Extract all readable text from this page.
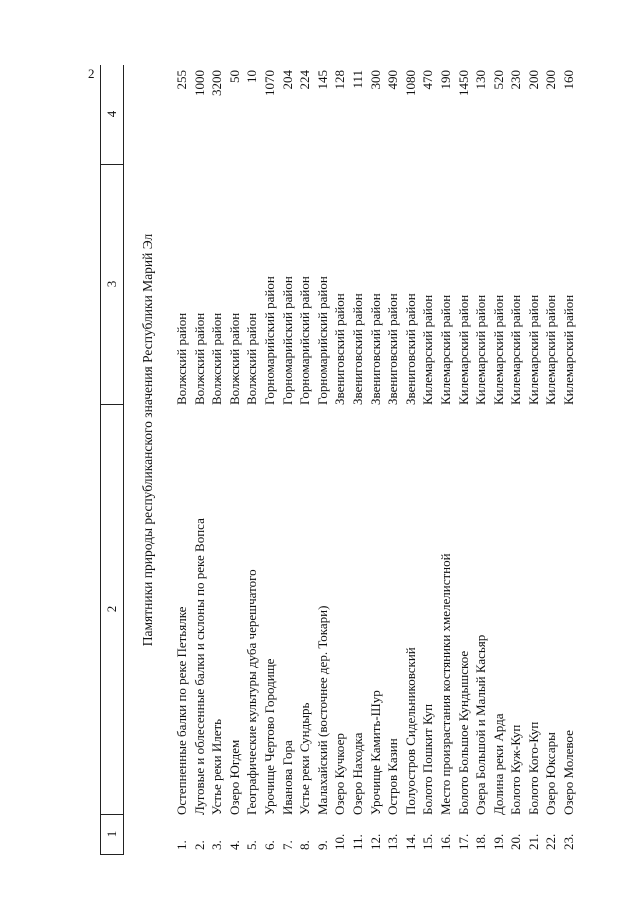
2
1
2
3
4
Памятники природы республиканского значения Республики Марий Эл
1.
Остепненные балки по реке Петьялке
Волжский район
255
2.
Луговые и облесенные балки и склоны по реке Вопса
Волжский район
1000
3.
Устье реки Илеть
Волжский район
3200
4.
Озеро Югдем
Волжский район
50
5.
Географические культуры дуба черешчатого
Волжский район
10
6.
Урочище Чертово Городище
Горномарийский район
1070
7.
Иванова Гора
Горномарийский район
204
8.
Устье реки Сундырь
Горномарийский район
224
9.
Малахайский (восточнее дер. Токари)
Горномарийский район
145
10.
Озеро Кучкоер
Звениговский район
128
11.
Озеро Находка
Звениговский район
111
12.
Урочище Камить-Шур
Звениговский район
300
13.
Остров Казин
Звениговский район
490
14.
Полуостров Сидельниковский
Звениговский район
1080
15.
Болото Пошкит Куп
Килемарский район
470
16.
Место произрастания костяники хмелелистной
Килемарский район
190
17.
Болото Большое Кундышское
Килемарский район
1450
18.
Озера Большой и Малый Касьяр
Килемарский район
130
19.
Долина реки Арда
Килемарский район
520
20.
Болото Куж-Куп
Килемарский район
230
21.
Болото Кого-Куп
Килемарский район
200
22.
Озеро Юксары
Килемарский район
200
23.
Озеро Молевое
Килемарский район
160
